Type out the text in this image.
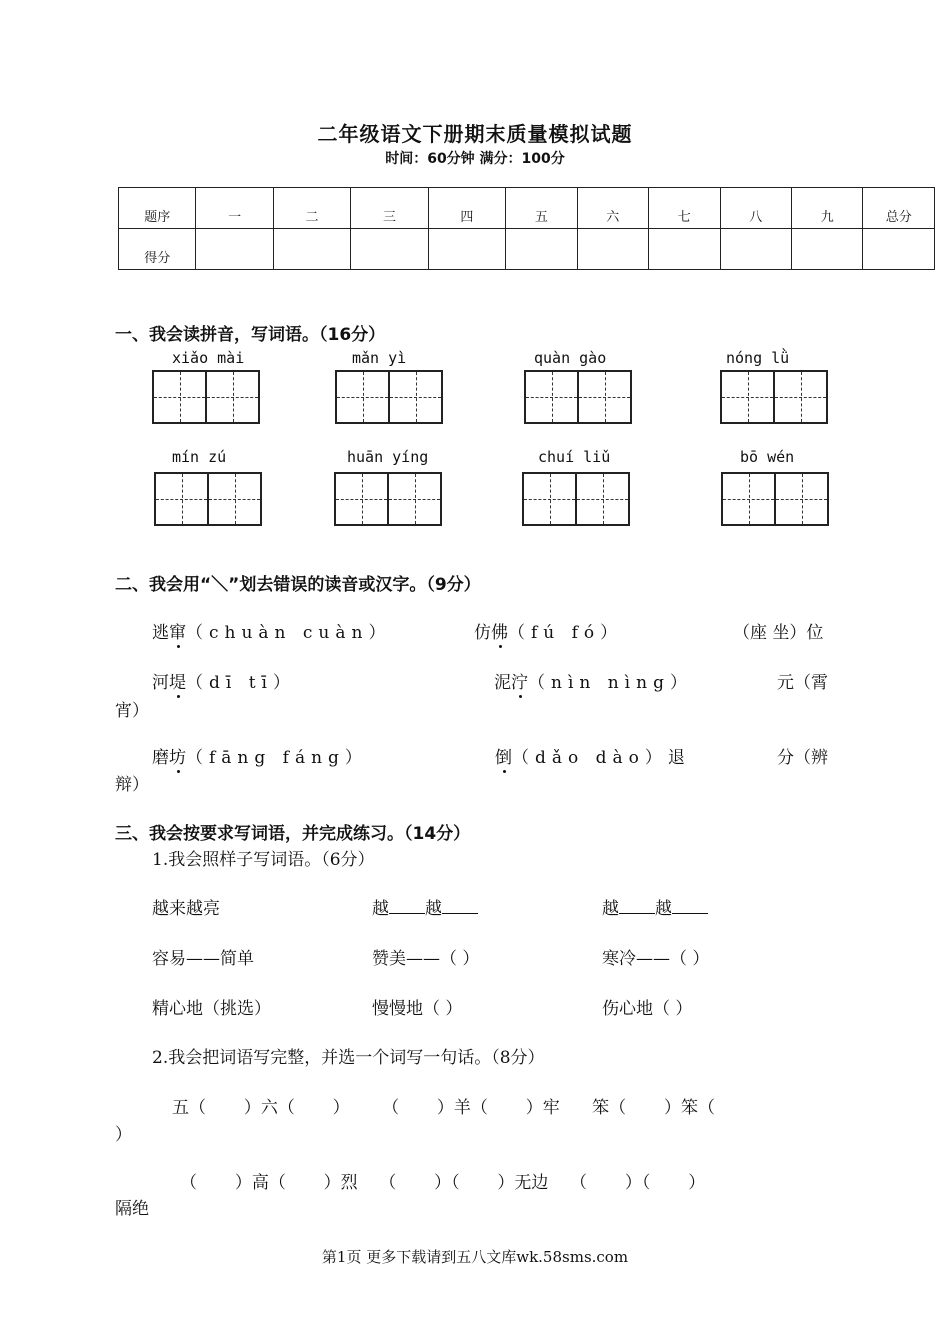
二年级语文下册期末质量模拟试题
时间：60分钟 满分：100分
题序	一	二	三	四	五	六	七	八	九	总分
得分										
一、我会读拼音，写词语。（16分）
xiǎo mài	mǎn yì	quàn gào	nóng lǜ
mín zú	huān yíng	chuí liǔ	bō wén
二、我会用“＼”划去错误的读音或汉字。（9分）
逃窜（chuàn cuàn）	仿佛（fú fó）	（座 坐）位
河堤（dī tī）	泥泞（nìn nìng）	元（霄
宵）
磨坊（fāng fáng）	倒（dǎo dào）退	分（辨
辩）
三、我会按要求写词语，并完成练习。（14分）
1.我会照样子写词语。（6分）
越来越亮	越 越	越 越
容易——简单	赞美——（ ）	寒冷——（ ）
精心地（挑选）	慢慢地（ ）	伤心地（ ）
2.我会把词语写完整，并选一个词写一句话。（8分）
五（       ）六（       ）      （       ）羊（       ）牢      笨（       ）笨（
）
（       ）高（       ）烈    （       ）（       ）无边    （       ）（       ）
隔绝
第1页 更多下载请到五八文库wk.58sms.com
